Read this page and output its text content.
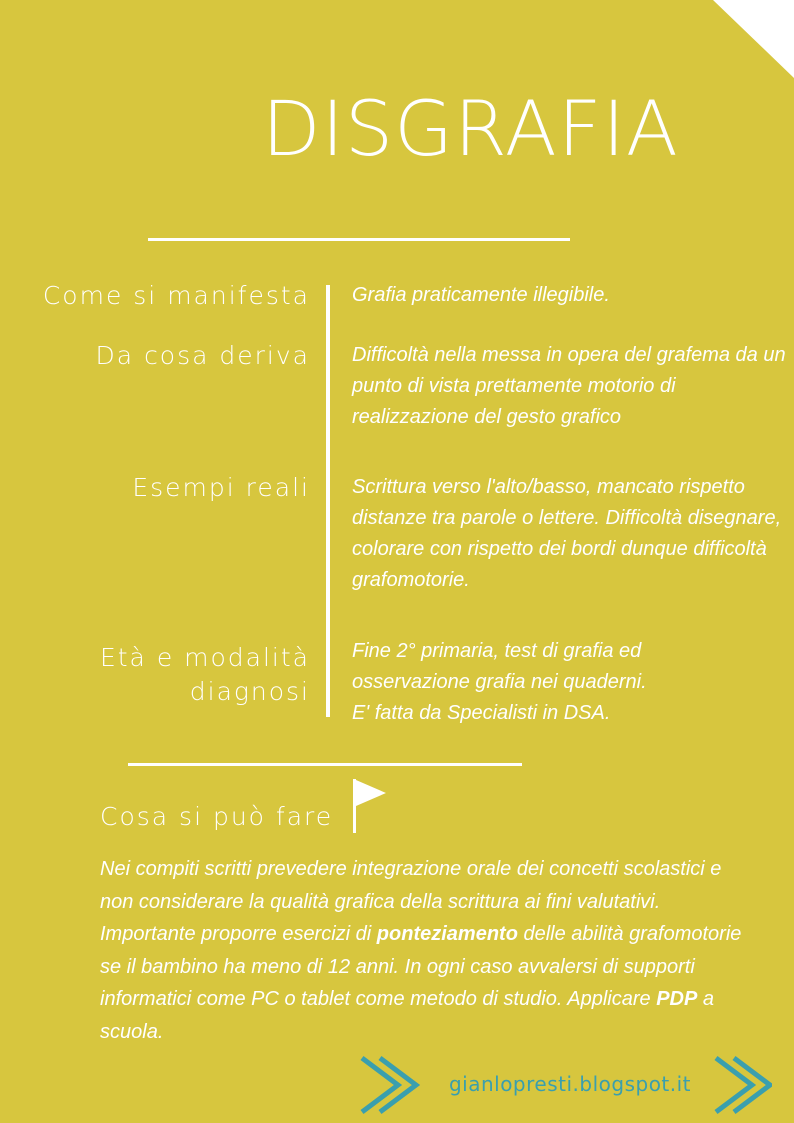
DISGRAFIA
Come si manifesta Grafia praticamente illegibile.
Da cosa deriva Difficoltà nella messa in opera del grafema da un punto di vista prettamente motorio di realizzazione del gesto grafico
Esempi reali Scrittura verso l'alto/basso, mancato rispetto distanze tra parole o lettere. Difficoltà disegnare, colorare con rispetto dei bordi dunque difficoltà grafomotorie.
Età e modalità
diagnosi
Fine 2° primaria, test di grafia ed
osservazione grafia nei quaderni.
E' fatta da Specialisti in DSA.
Cosa si può fare
Nei compiti scritti prevedere integrazione orale dei concetti scolastici e non considerare la qualità grafica della scrittura ai fini valutativi. Importante proporre esercizi di ponteziamento delle abilità grafomotorie se il bambino ha meno di 12 anni. In ogni caso avvalersi di supporti informatici come PC o tablet come metodo di studio. Applicare PDP a scuola.
gianlopresti.blogspot.it
